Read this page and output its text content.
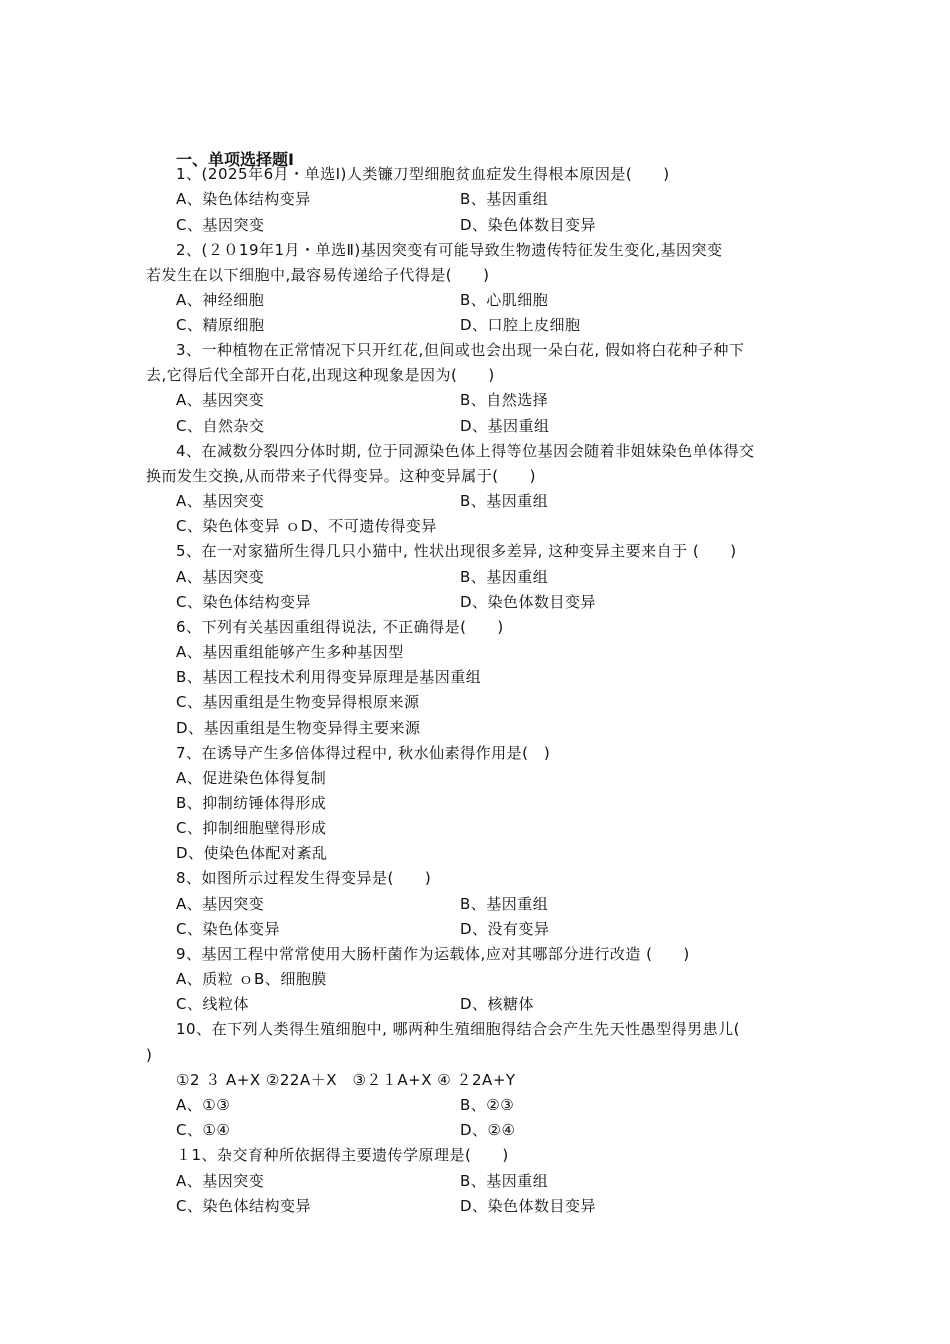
一、单项选择题Ⅰ
1、(2025年6月・单选Ⅰ)人类镰刀型细胞贫血症发生得根本原因是(　　)
A、染色体结构变异	B、基因重组
C、基因突变	D、染色体数目变异
2、(２０19年1月・单选Ⅱ)基因突变有可能导致生物遗传特征发生变化,基因突变
若发生在以下细胞中,最容易传递给子代得是(　　)
A、神经细胞	B、心肌细胞
C、精原细胞	D、口腔上皮细胞
3、一种植物在正常情况下只开红花,但间或也会出现一朵白花, 假如将白花种子种下
去,它得后代全部开白花,出现这种现象是因为(　　)
A、基因突变	B、自然选择
C、自然杂交	D、基因重组
4、在减数分裂四分体时期, 位于同源染色体上得等位基因会随着非姐妹染色单体得交
换而发生交换,从而带来子代得变异。这种变异属于(　　)
A、基因突变	B、基因重组
C、染色体变异 ｏD、不可遗传得变异
5、在一对家猫所生得几只小猫中, 性状出现很多差异, 这种变异主要来自于 (　　)
A、基因突变	B、基因重组
C、染色体结构变异	D、染色体数目变异
6、下列有关基因重组得说法, 不正确得是(　　)
A、基因重组能够产生多种基因型
B、基因工程技术利用得变异原理是基因重组
C、基因重组是生物变异得根原来源
D、基因重组是生物变异得主要来源
7、在诱导产生多倍体得过程中, 秋水仙素得作用是(　)
A、促进染色体得复制
B、抑制纺锤体得形成
C、抑制细胞壁得形成
D、使染色体配对紊乱
8、如图所示过程发生得变异是(　　)
A、基因突变	B、基因重组
C、染色体变异	D、没有变异
9、基因工程中常常使用大肠杆菌作为运载体,应对其哪部分进行改造 (　　)
A、质粒 ｏB、细胞膜
C、线粒体	D、核糖体
10、在下列人类得生殖细胞中, 哪两种生殖细胞得结合会产生先天性愚型得男患儿(
)
①2 ３ A+X ②22A＋X　③２１A+X ④ ２2A+Y
A、①③	B、②③
C、①④	D、②④
１1、杂交育种所依据得主要遗传学原理是(　　)
A、基因突变	B、基因重组
C、染色体结构变异	D、染色体数目变异
